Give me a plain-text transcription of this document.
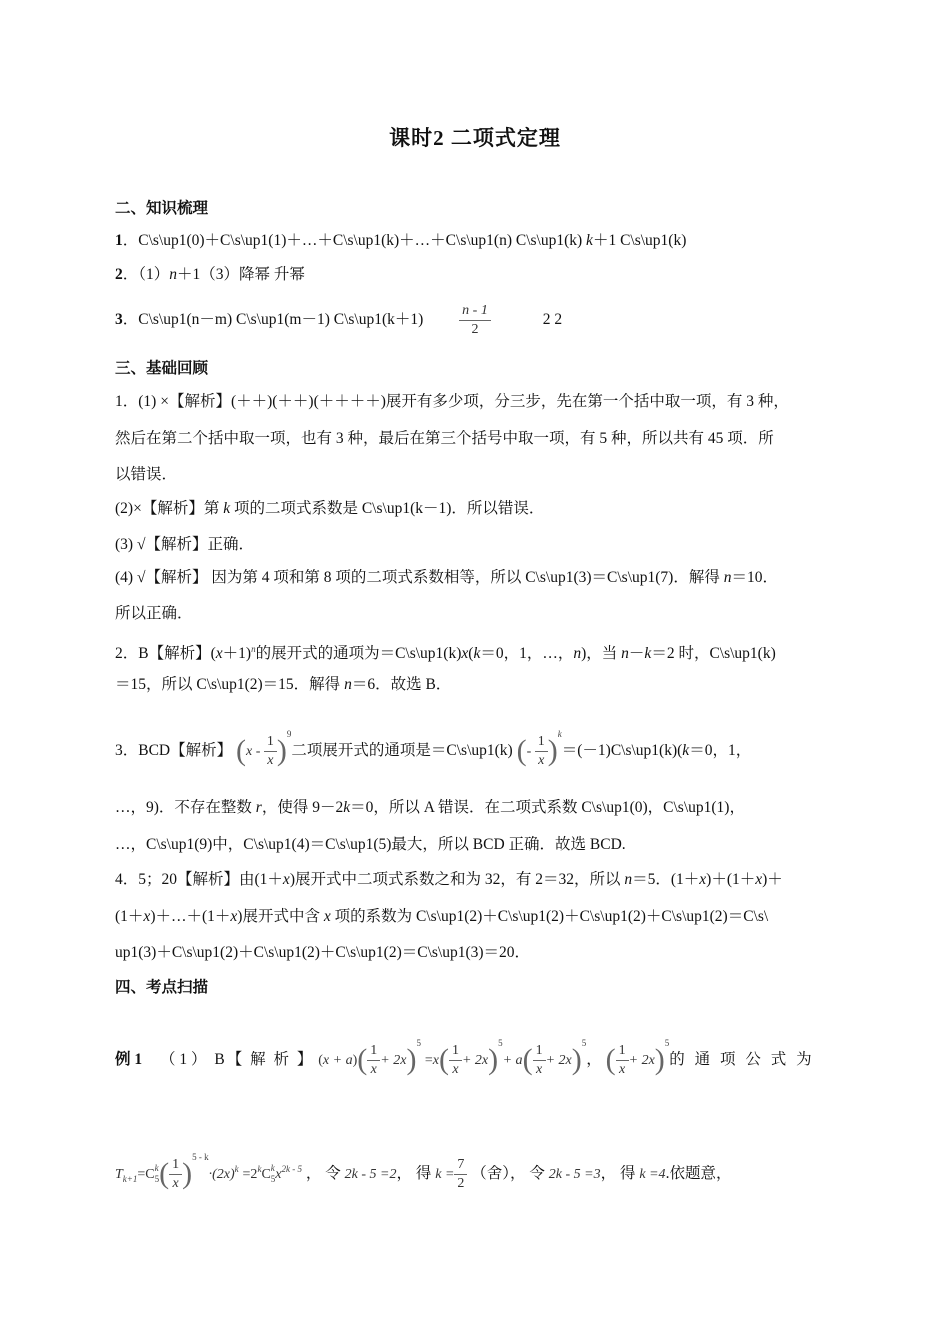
课时2 二项式定理
二、知识梳理
1．C\s\up1(0)＋C\s\up1(1)＋…＋C\s\up1(k)＋…＋C\s\up1(n) C\s\up1(k) k＋1 C\s\up1(k)
2．（1）n＋1（3）降幂 升幂
3．C\s\up1(n－m) C\s\up1(m－1) C\s\up1(k＋1)	$\frac{n - 1}{2}$	2 2
三、基础回顾
1．(1) ×【解析】(＋＋)(＋＋)(＋＋＋＋)展开有多少项，分三步，先在第一个括中取一项，有 3 种，
然后在第二个括中取一项，也有 3 种，最后在第三个括号中取一项，有 5 种，所以共有 45 项．所
以错误．
(2)×【解析】第 k 项的二项式系数是 C\s\up1(k－1)．所以错误．
(3) √【解析】正确．
(4) √【解析】 因为第 4 项和第 8 项的二项式系数相等，所以 C\s\up1(3)＝C\s\up1(7)．解得 n＝10．
所以正确．
2．B【解析】$(x+1)^n$的展开式的通项为＝C\s\up1(k)x(k＝0，1，…，n)，当 n－k＝2 时，C\s\up1(k)
＝15，所以 C\s\up1(2)＝15．解得 n＝6．故选 B．
3．BCD【解析】 $(x - \frac{1}{x} )^9$二项展开式的通项是＝C\s\up1(k) (- $\frac{1}{x}$ )$^k$＝(－1)C\s\up1(k)(k＝0，1，
…，9)．不存在整数 r，使得 9－2k＝0，所以 A 错误．在二项式系数 C\s\up1(0)，C\s\up1(1)，
…，C\s\up1(9)中，C\s\up1(4)＝C\s\up1(5)最大，所以 BCD 正确．故选 BCD.
4．5；20【解析】由(1＋x)展开式中二项式系数之和为 32，有 2＝32，所以 n＝5．(1＋x)＋(1＋x)＋
(1＋x)＋…＋(1＋x)展开式中含 x 项的系数为 C\s\up1(2)＋C\s\up1(2)＋C\s\up1(2)＋C\s\up1(2)＝C\s\
up1(3)＋C\s\up1(2)＋C\s\up1(2)＋C\s\up1(2)＝C\s\up1(3)＝20．
四、考点扫描
例 1 （ 1 ） B【 解 析 】 $(x + a)( \frac{1}{x} + 2x)^5 =x( \frac{1}{x} + 2x)^5+ a( \frac{1}{x} + 2x)^5$， ( $\frac{1}{x} + 2x)^5$的 通 项 公 式 为
$T_{k+1}=C$ k
5 ( $\frac{1}{x} )^{5 - k}\cdot(2x)^k =2^kC$ k
5 $x^{2k - 5}$ ， 令 2k - 5 =2， 得 $k = \frac{7}{2}$ （舍）， 令 2k - 5 =3， 得 k =4.依题意，
